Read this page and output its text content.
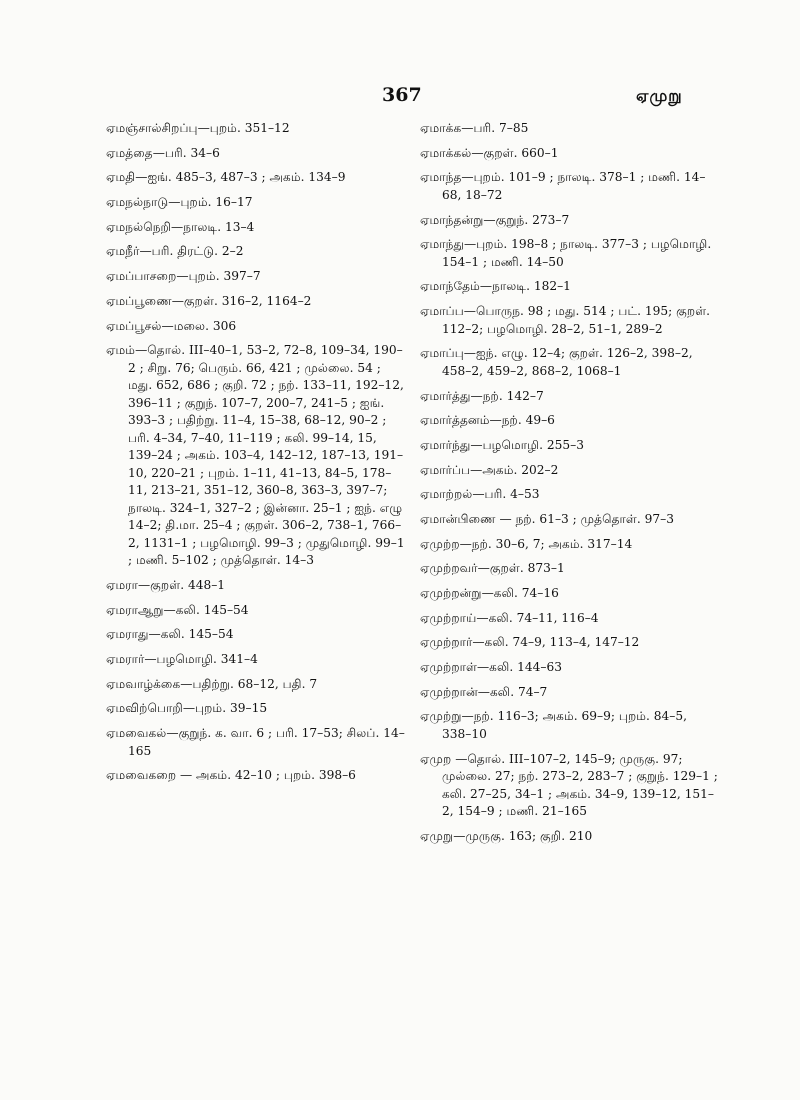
367	ஏமுறு

ஏமஞ்சால்சிறப்பு—புறம். 351–12

ஏமத்தை—பரி. 34–6

ஏமதி—ஐங். 485–3, 487–3 ; அகம். 134–9

ஏமநல்நாடு—புறம். 16–17

ஏமநல்நெறி—நாலடி. 13–4

ஏமநீர்—பரி. திரட்டு. 2–2

ஏமப்பாசறை—புறம். 397–7

ஏமப்பூணை—குறள். 316–2, 1164–2

ஏமப்பூசல்—மலை. 306

ஏமம்—தொல். III–40–1, 53–2, 72–8, 109–34, 190–2 ; சிறு. 76; பெரும். 66, 421 ; முல்லை. 54 ; மது. 652, 686 ; குறி. 72 ; நற். 133–11, 192–12, 396–11 ; குறுந். 107–7, 200–7, 241–5 ; ஐங். 393–3 ; பதிற்று. 11–4, 15–38, 68–12, 90–2 ; பரி. 4–34, 7–40, 11–119 ; கலி. 99–14, 15, 139–24 ; அகம். 103–4, 142–12, 187–13, 191–10, 220–21 ; புறம். 1–11, 41–13, 84–5, 178–11, 213–21, 351–12, 360–8, 363–3, 397–7; நாலடி. 324–1, 327–2 ; இன்னா. 25–1 ; ஐந். எழு 14–2; தி.மா. 25–4 ; குறள். 306–2, 738–1, 766–2, 1131–1 ; பழமொழி. 99–3 ; முதுமொழி. 99–1 ; மணி. 5–102 ; முத்தொள். 14–3

ஏமரா—குறள். 448–1

ஏமராஆறு—கலி. 145–54

ஏமராது—கலி. 145–54

ஏமரார்—பழமொழி. 341–4

ஏமவாழ்க்கை—பதிற்று. 68–12, பதி. 7

ஏமவிற்பொறி—புறம். 39–15

ஏமவைகல்—குறுந். க. வா. 6 ; பரி. 17–53; சிலப். 14–165

ஏமவைகறை — அகம். 42–10 ; புறம். 398–6

ஏமாக்க—பரி. 7–85

ஏமாக்கல்—குறள். 660–1

ஏமாந்த—புறம். 101–9 ; நாலடி. 378–1 ; மணி. 14–68, 18–72

ஏமாந்தன்று—குறுந். 273–7

ஏமாந்து—புறம். 198–8 ; நாலடி. 377–3 ; பழமொழி. 154–1 ; மணி. 14–50

ஏமாந்தேம்—நாலடி. 182–1

ஏமாப்ப—பொருந. 98 ; மது. 514 ; பட். 195; குறள். 112–2; பழமொழி. 28–2, 51–1, 289–2

ஏமாப்பு—ஐந். எழு. 12–4; குறள். 126–2, 398–2, 458–2, 459–2, 868–2, 1068–1

ஏமார்த்து—நற். 142–7

ஏமார்த்தனம்—நற். 49–6

ஏமார்ந்து—பழமொழி. 255–3

ஏமார்ப்ப—அகம். 202–2

ஏமாற்றல்—பரி. 4–53

ஏமான்பிணை — நற். 61–3 ; முத்தொள். 97–3

ஏமுற்ற—நற். 30–6, 7; அகம். 317–14

ஏமுற்றவர்—குறள். 873–1

ஏமுற்றன்று—கலி. 74–16

ஏமுற்றாய்—கலி. 74–11, 116–4

ஏமுற்றார்—கலி. 74–9, 113–4, 147–12

ஏமுற்றாள்—கலி. 144–63

ஏமுற்றான்—கலி. 74–7

ஏமுற்று—நற். 116–3; அகம். 69–9; புறம். 84–5, 338–10

ஏமுற —தொல். III–107–2, 145–9; முருகு. 97; முல்லை. 27; நற். 273–2, 283–7 ; குறுந். 129–1 ; கலி. 27–25, 34–1 ; அகம். 34–9, 139–12, 151–2, 154–9 ; மணி. 21–165

ஏமுறு—முருகு. 163; குறி. 210
